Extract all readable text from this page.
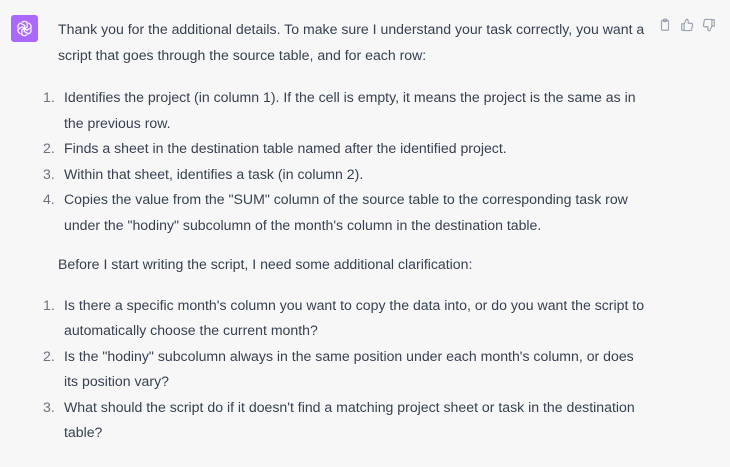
Thank you for the additional details. To make sure I understand your task correctly, you want a script that goes through the source table, and for each row:

1. Identifies the project (in column 1). If the cell is empty, it means the project is the same as in the previous row.
2. Finds a sheet in the destination table named after the identified project.
3. Within that sheet, identifies a task (in column 2).
4. Copies the value from the "SUM" column of the source table to the corresponding task row under the "hodiny" subcolumn of the month's column in the destination table.

Before I start writing the script, I need some additional clarification:

1. Is there a specific month's column you want to copy the data into, or do you want the script to automatically choose the current month?
2. Is the "hodiny" subcolumn always in the same position under each month's column, or does its position vary?
3. What should the script do if it doesn't find a matching project sheet or task in the destination table?
